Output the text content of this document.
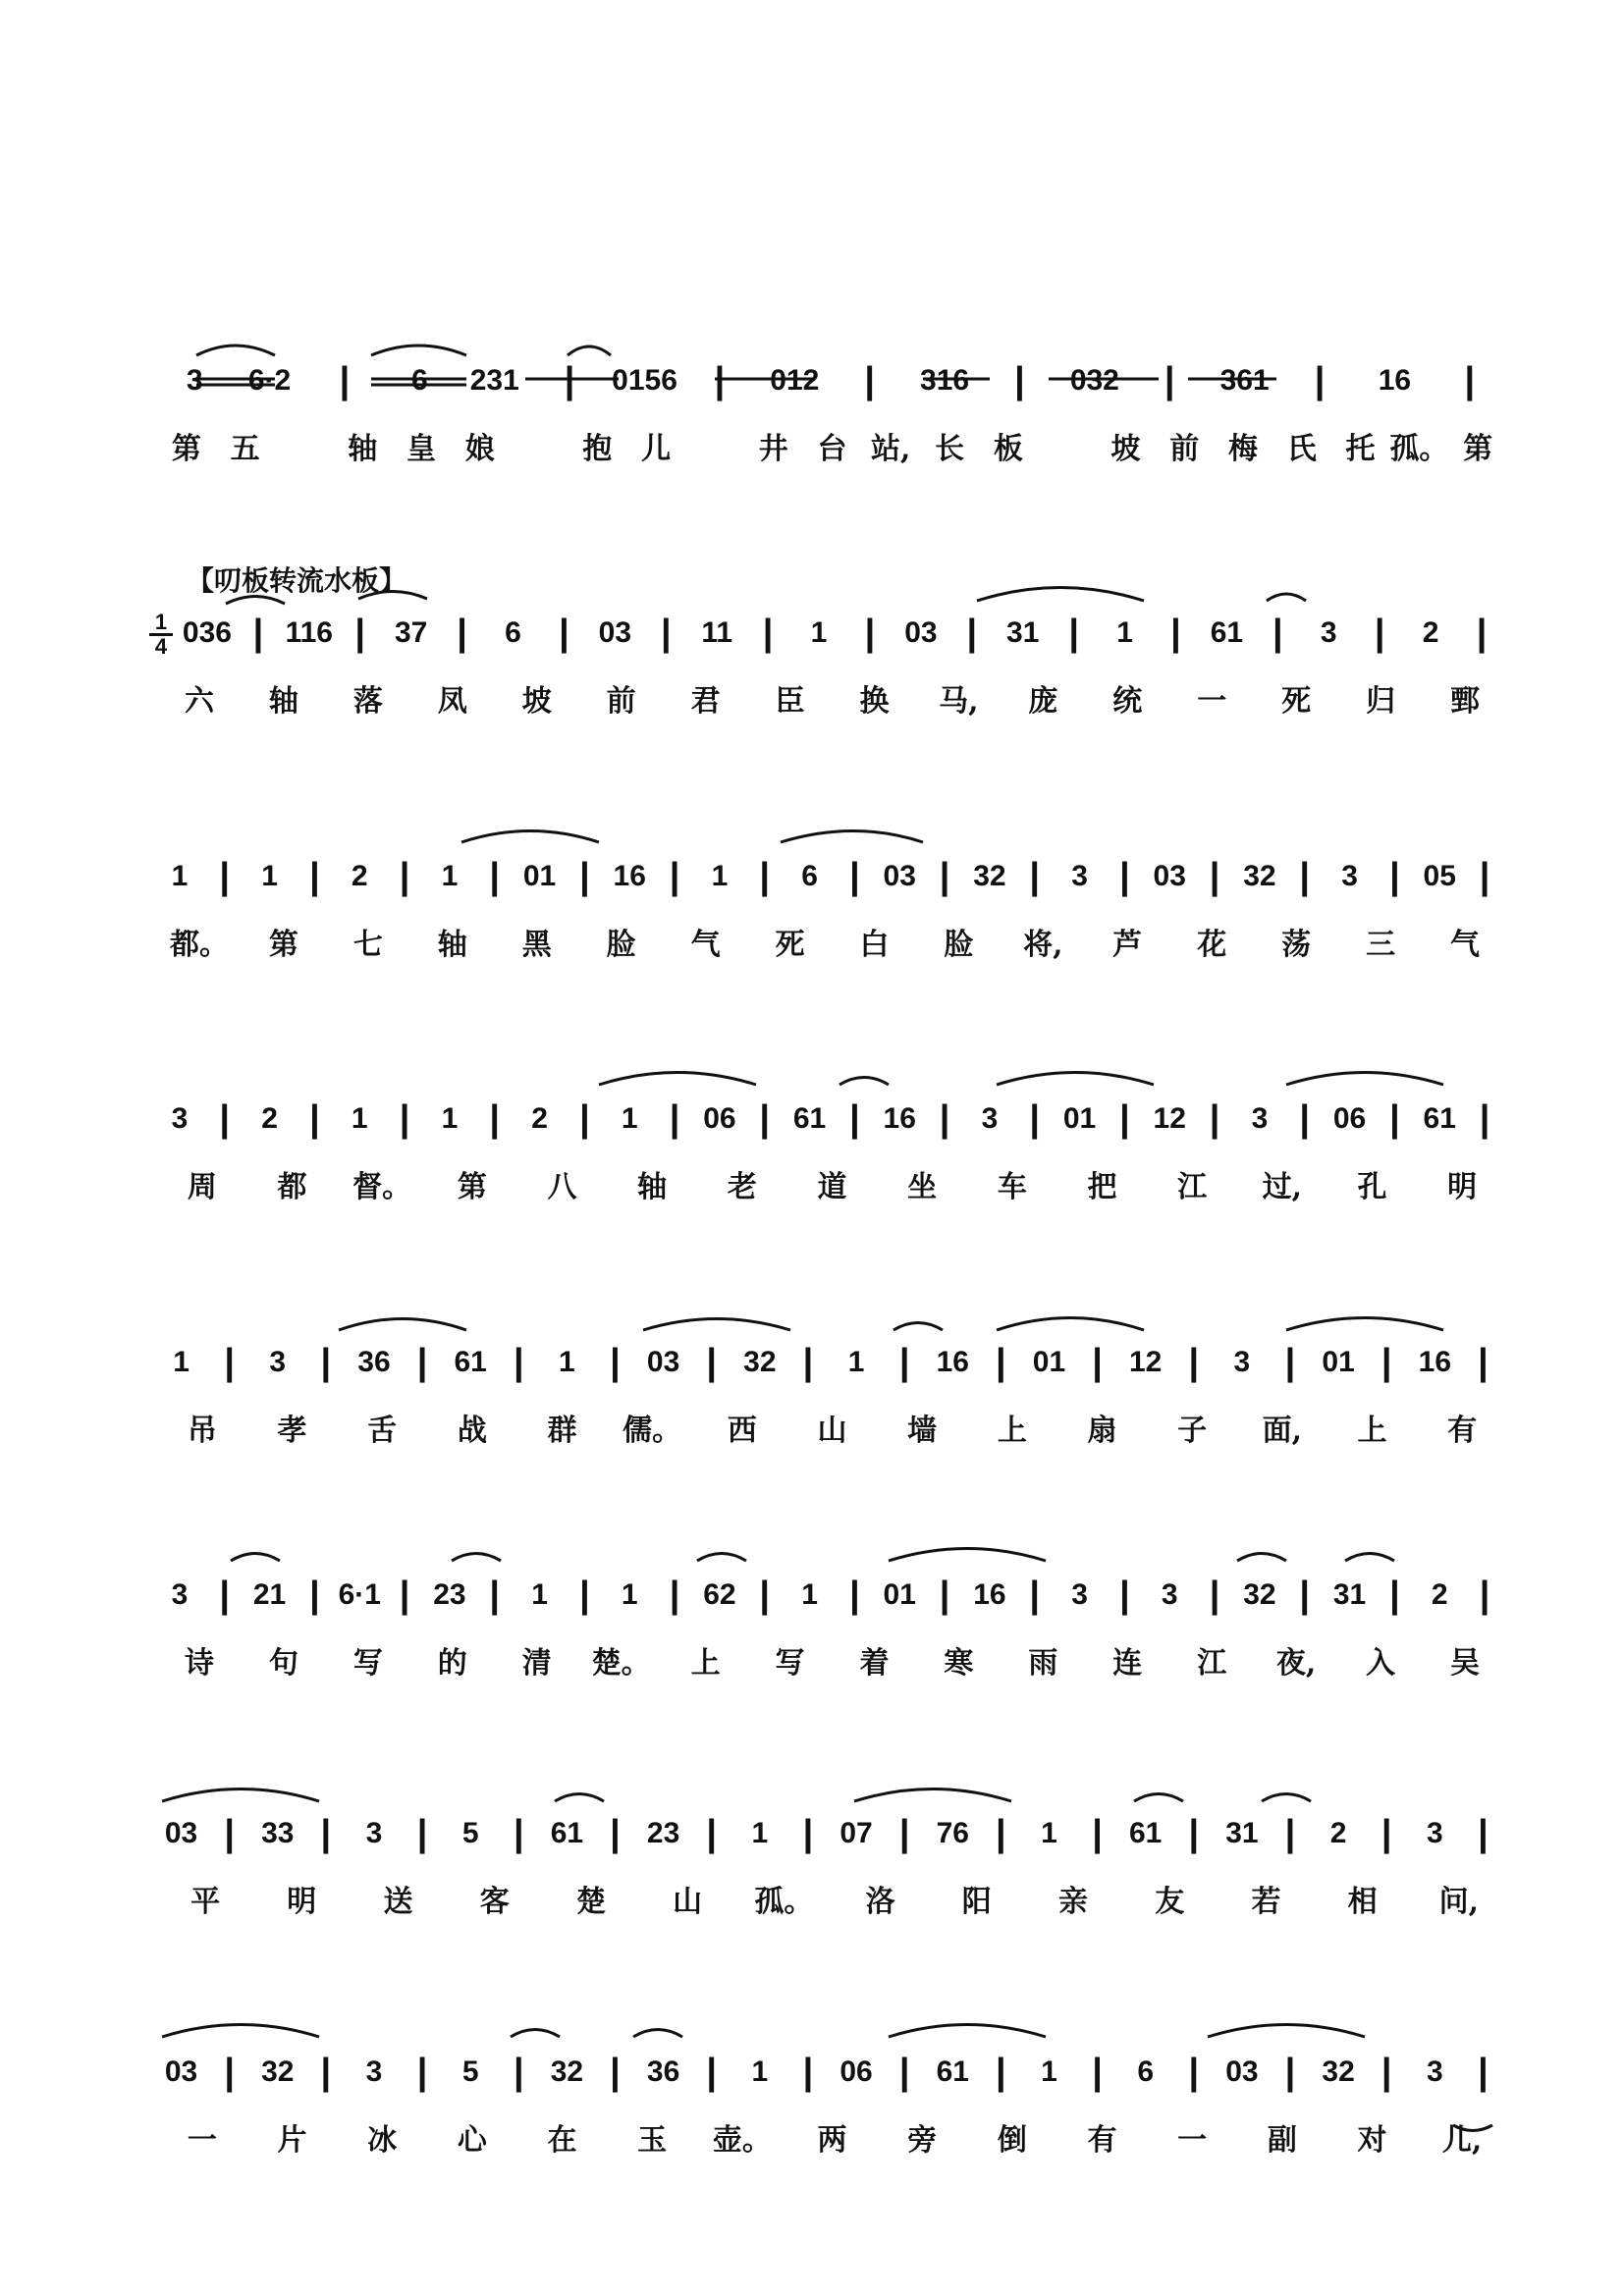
【叨板转流水板】
$\frac{1}{4}$
3	6·2	|	6	231	|	0156 |	012	|	316	|	032	|	361	|	16	|
第 五	轴 皇 娘	抱 儿	井 台 站, 长 板	坡 前 梅 氏 托 孤。 第
036 | 116 | 37 |	6	| 03 |	11 |	1	| 03 | 31 |	1	| 61 |	3	|	2	|
六	轴	落	凤	坡	前	君	臣	换	马,	庞	统	一	死	归	鄄
1 |	1 |	2 |	1 | 01 | 16 |	1 |	6 | 03 | 32 |	3 | 03 | 32 |	3 | 05 |
都。	第	七	轴	黑	脸	气	死	白	脸	将,	芦	花	荡	三	气
3 |	2 |	1 |	1 |	2 |	1 | 06 | 61 | 16 |	3 | 01 | 12 |	3 | 06 | 61 |
周	都	督。	第	八	轴	老	道	坐	车	把	江	过,	孔	明
1 |	3 | 36 | 61 |	1 | 03 | 32 |	1 | 16 | 01 | 12 |	3 | 01 | 16 |
吊	孝	舌	战	群	儒。	西	山	墙	上	扇	子	面,	上	有
3 | 21 | 6·1 | 23 |	1 |	1 | 62 |	1 | 01 | 16 |	3 |	3 | 32 | 31 |	2 |
诗	句	写	的	清	楚。	上	写	着	寒	雨	连	江	夜,	入	吴
03 | 33 |	3 |	5 | 61 | 23 |	1 | 07 | 76 |	1 | 61 | 31 |	2 |	3 |
平	明	送	客	楚	山	孤。	洛	阳	亲	友	若	相	问,
03 | 32 |	3 |	5 | 32 | 36 |	1 | 06 | 61 |	1 |	6 | 03 | 32 |	3 |
一	片	冰	心	在	玉	壶。	两	旁	倒	有	一	副	对	儿,
